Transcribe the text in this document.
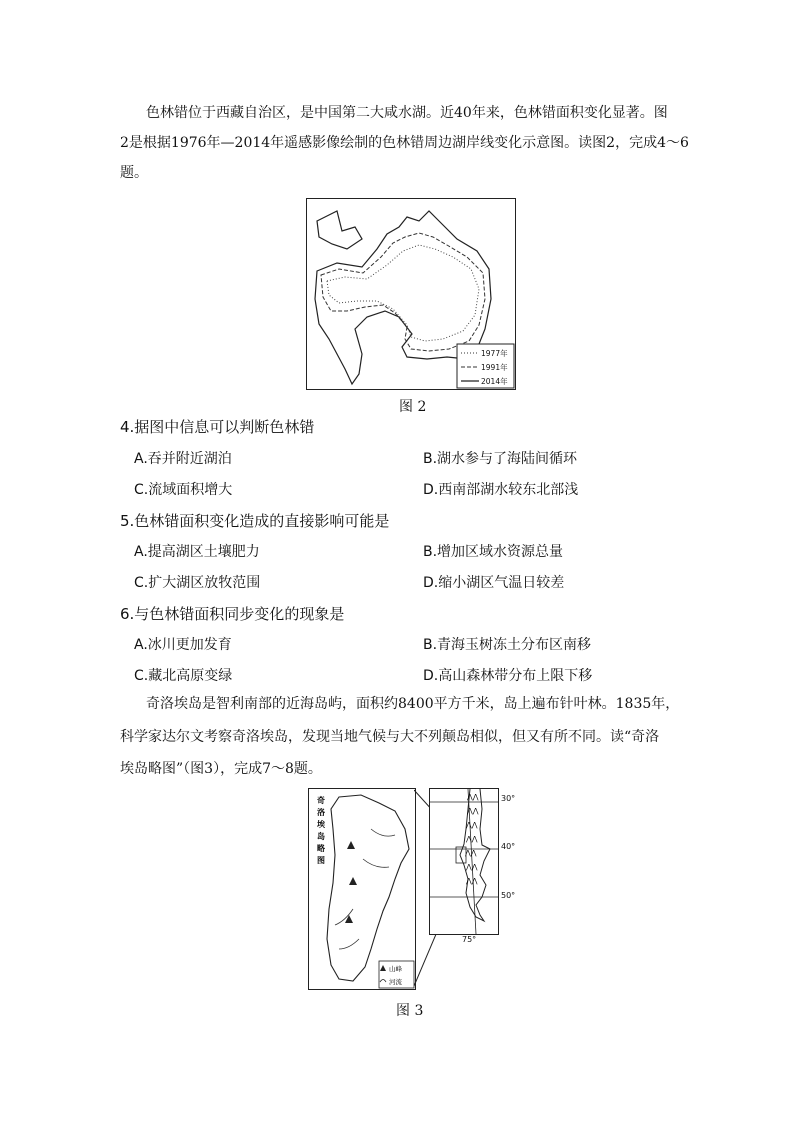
色林错位于西藏自治区，是中国第二大咸水湖。近40年来，色林错面积变化显著。图
2是根据1976年—2014年遥感影像绘制的色林错周边湖岸线变化示意图。读图2，完成4～6
题。
1977年
1991年
2014年
图 2
4.据图中信息可以判断色林错
A.吞并附近湖泊	B.湖水参与了海陆间循环
C.流域面积增大	D.西南部湖水较东北部浅
5.色林错面积变化造成的直接影响可能是
A.提高湖区土壤肥力	B.增加区域水资源总量
C.扩大湖区放牧范围	D.缩小湖区气温日较差
6.与色林错面积同步变化的现象是
A.冰川更加发育	B.青海玉树冻土分布区南移
C.藏北高原变绿	D.高山森林带分布上限下移
奇洛埃岛是智利南部的近海岛屿，面积约8400平方千米，岛上遍布针叶林。1835年，
科学家达尔文考察奇洛埃岛，发现当地气候与大不列颠岛相似，但又有所不同。读“奇洛
埃岛略图”（图3），完成7～8题。
奇
洛
埃
岛
略
图
山峰
河流
⋀⋀
⋀⋀
⋀⋀
⋀⋀
⋀⋀
⋀⋀
⋀⋀
30°
40°
50°
75°
图 3
